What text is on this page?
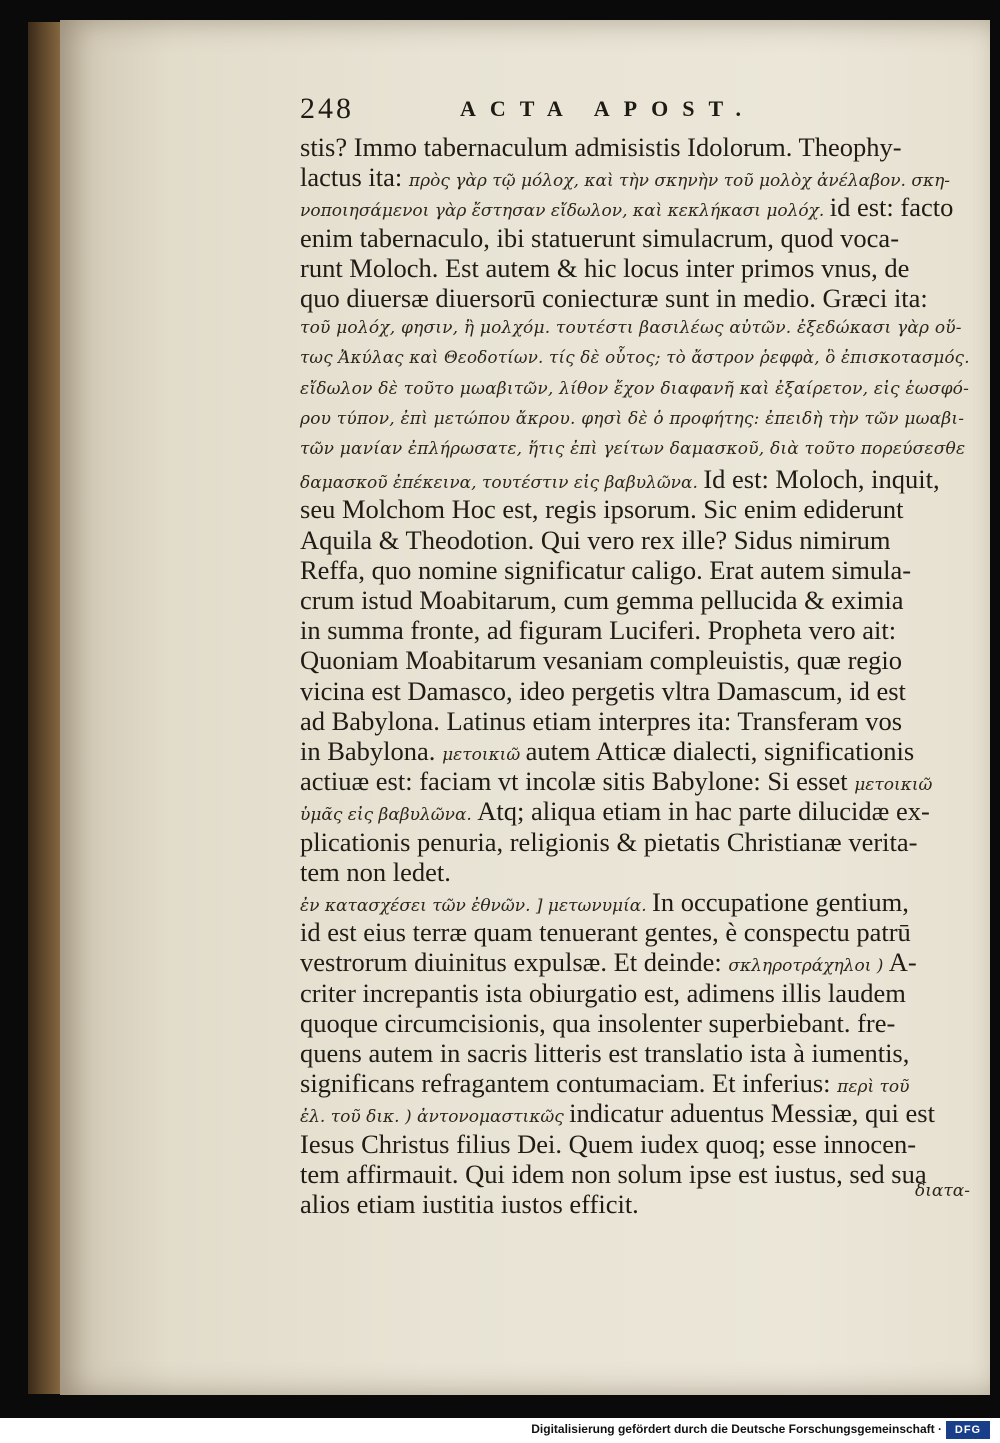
248	ACTA APOST.
stis? Immo tabernaculum admisistis Idolorum. Theophy-
lactus ita: πρὸς γὰρ τῷ μόλοχ, καὶ τὴν σκηνὴν τοῦ μολὸχ ἀνέλαβον. σκη-
νοποιησάμενοι γὰρ ἔστησαν εἴδωλον, καὶ κεκλήκασι μολόχ. id est: facto
enim tabernaculo, ibi statuerunt simulacrum, quod voca-
runt Moloch. Est autem & hic locus inter primos vnus, de
quo diuersæ diuersorū coniecturæ sunt in medio. Græci ita:
τοῦ μολόχ, φησιν, ἢ μολχόμ. τουτέστι βασιλέως αὐτῶν. ἐξεδώκασι γὰρ οὕ-
τως Ἀκύλας καὶ Θεοδοτίων. τίς δὲ οὗτος; τὸ ἄστρον ῥεφφὰ, ὃ ἐπισκοτασμός.
εἴδωλον δὲ τοῦτο μωαβιτῶν, λίθον ἔχον διαφανῆ καὶ ἐξαίρετον, εἰς ἑωσφό-
ρου τύπον, ἐπὶ μετώπου ἄκρου. φησὶ δὲ ὁ προφήτης: ἐπειδὴ τὴν τῶν μωαβι-
τῶν μανίαν ἐπλήρωσατε, ἥτις ἐπὶ γείτων δαμασκοῦ, διὰ τοῦτο πορεύσεσθε
δαμασκοῦ ἐπέκεινα, τουτέστιν εἰς βαβυλῶνα. Id est: Moloch, inquit,
seu Molchom Hoc est, regis ipsorum. Sic enim ediderunt
Aquila & Theodotion. Qui vero rex ille? Sidus nimirum
Reffa, quo nomine significatur caligo. Erat autem simula-
crum istud Moabitarum, cum gemma pellucida & eximia
in summa fronte, ad figuram Luciferi. Propheta vero ait:
Quoniam Moabitarum vesaniam compleuistis, quæ regio
vicina est Damasco, ideo pergetis vltra Damascum, id est
ad Babylona. Latinus etiam interpres ita: Transferam vos
in Babylona. μετοικιῶ autem Atticæ dialecti, significationis
actiuæ est: faciam vt incolæ sitis Babylone: Si esset μετοικιῶ
ὑμᾶς εἰς βαβυλῶνα. Atq; aliqua etiam in hac parte dilucidæ ex-
plicationis penuria, religionis & pietatis Christianæ verita-
tem non ledet.
ἐν κατασχέσει τῶν ἐθνῶν. ] μετωνυμία. In occupatione gentium,
id est eius terræ quam tenuerant gentes, è conspectu patrū
vestrorum diuinitus expulsæ. Et deinde: σκληροτράχηλοι ) A-
criter increpantis ista obiurgatio est, adimens illis laudem
quoque circumcisionis, qua insolenter superbiebant. fre-
quens autem in sacris litteris est translatio ista à iumentis,
significans refragantem contumaciam. Et inferius: περὶ τοῦ
ἐλ. τοῦ δικ. ) ἀντονομαστικῶς indicatur aduentus Messiæ, qui est
Iesus Christus filius Dei. Quem iudex quoq; esse innocen-
tem affirmauit. Qui idem non solum ipse est iustus, sed sua
alios etiam iustitia iustos efficit.	διατα-
Digitalisierung gefördert durch die Deutsche Forschungsgemeinschaft ·	DFG
